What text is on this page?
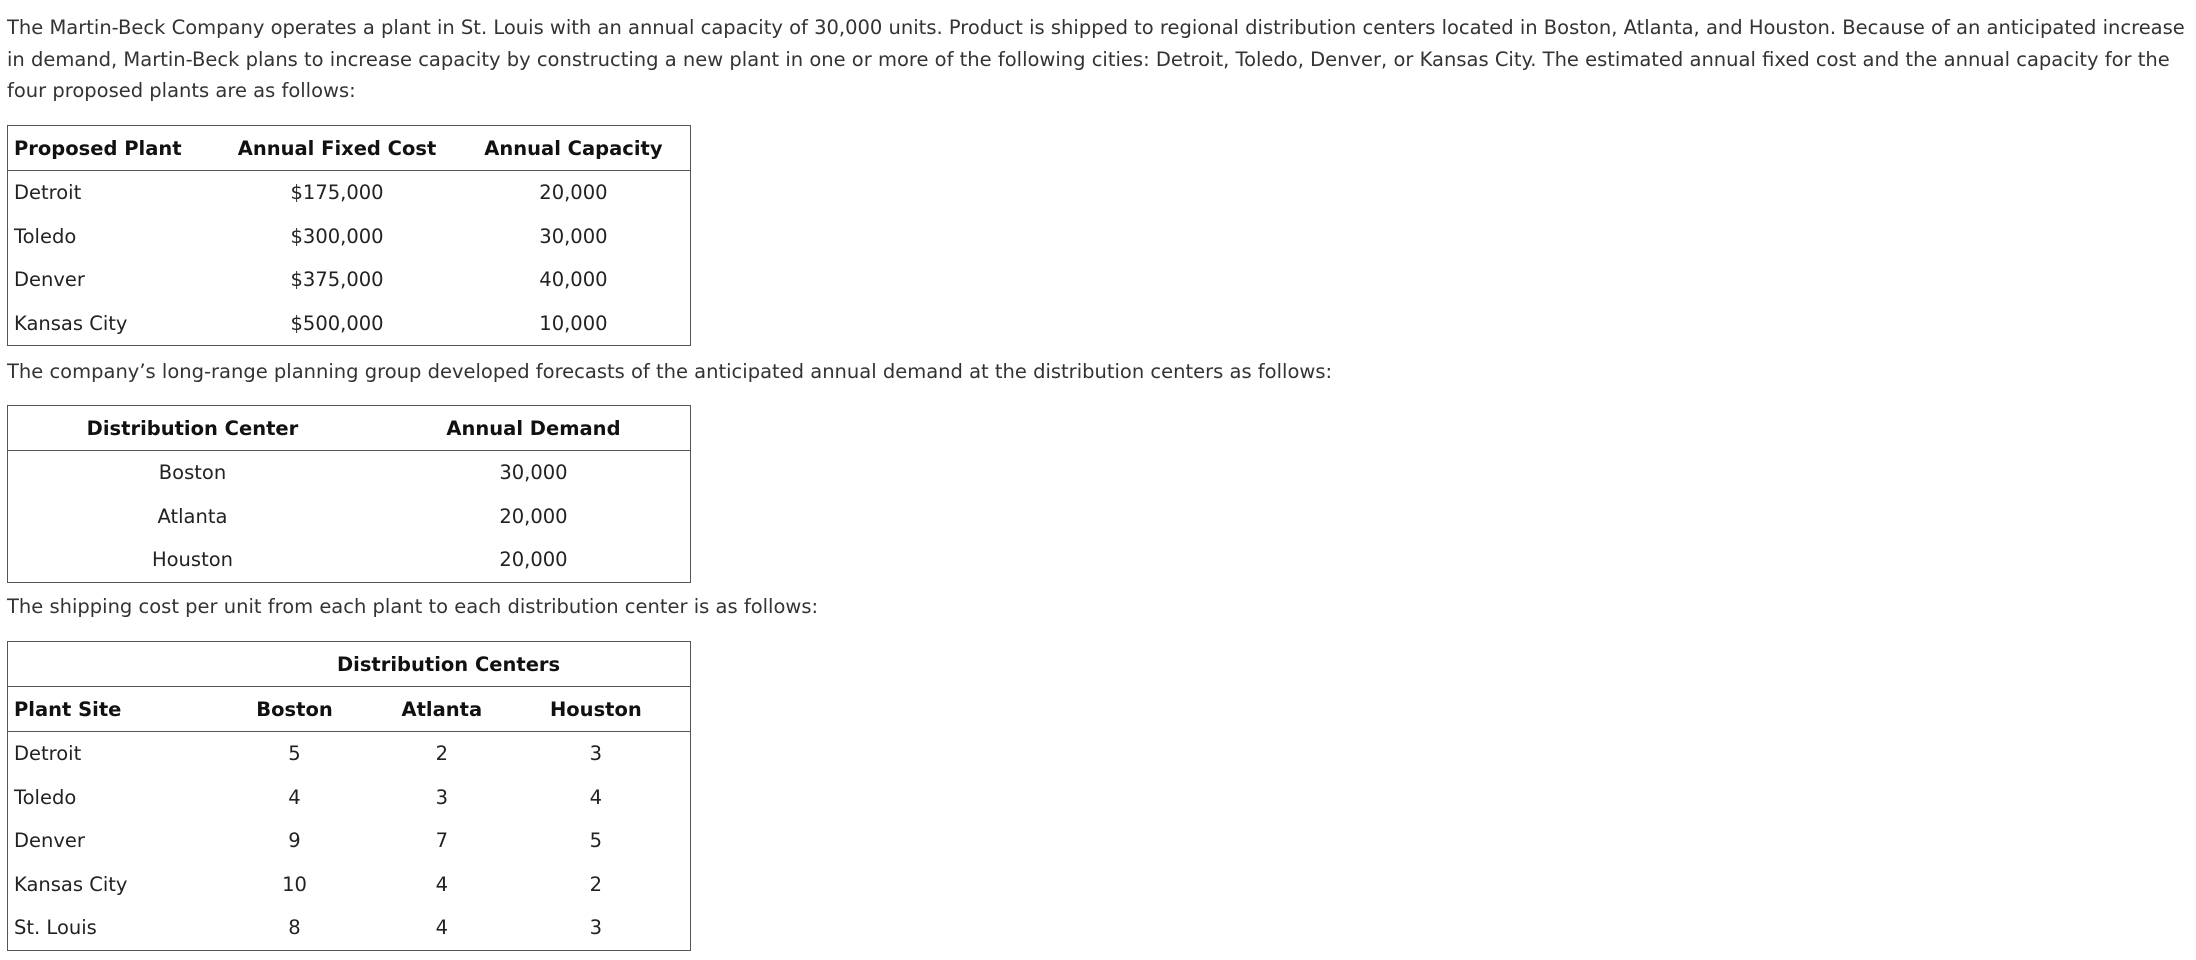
The Martin-Beck Company operates a plant in St. Louis with an annual capacity of 30,000 units. Product is shipped to regional distribution centers located in Boston, Atlanta, and Houston. Because of an anticipated increase in demand, Martin-Beck plans to increase capacity by constructing a new plant in one or more of the following cities: Detroit, Toledo, Denver, or Kansas City. The estimated annual fixed cost and the annual capacity for the four proposed plants are as follows:

Proposed Plant	Annual Fixed Cost	Annual Capacity
Detroit	$175,000	20,000
Toledo	$300,000	30,000
Denver	$375,000	40,000
Kansas City	$500,000	10,000

The company’s long-range planning group developed forecasts of the anticipated annual demand at the distribution centers as follows:

Distribution Center	Annual Demand
Boston	30,000
Atlanta	20,000
Houston	20,000

The shipping cost per unit from each plant to each distribution center is as follows:

	Distribution Centers		
Plant Site	Boston	Atlanta	Houston
Detroit	5	2	3
Toledo	4	3	4
Denver	9	7	5
Kansas City	10	4	2
St. Louis	8	4	3
